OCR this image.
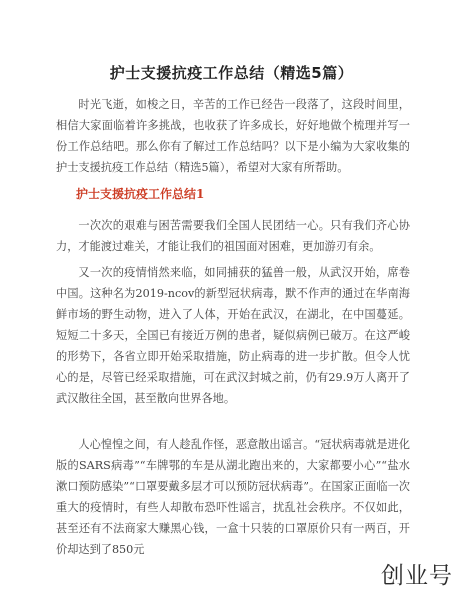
护士支援抗疫工作总结（精选5篇）

时光飞逝，如梭之日，辛苦的工作已经告一段落了，这段时间里，相信大家面临着许多挑战，也收获了许多成长，好好地做个梳理并写一份工作总结吧。那么你有了解过工作总结吗？以下是小编为大家收集的护士支援抗疫工作总结（精选5篇），希望对大家有所帮助。

护士支援抗疫工作总结1

一次次的艰难与困苦需要我们全国人民团结一心。只有我们齐心协力，才能渡过难关，才能让我们的祖国面对困难，更加游刃有余。

又一次的疫情悄然来临，如同捕获的猛兽一般，从武汉开始，席卷中国。这种名为2019-ncov的新型冠状病毒，默不作声的通过在华南海鲜市场的野生动物，进入了人体，开始在武汉，在湖北，在中国蔓延。短短二十多天，全国已有接近万例的患者，疑似病例已破万。在这严峻的形势下，各省立即开始采取措施，防止病毒的进一步扩散。但令人忧心的是，尽管已经采取措施，可在武汉封城之前，仍有29.9万人离开了武汉散往全国，甚至散向世界各地。

人心惶惶之间，有人趁乱作怪，恶意散出谣言。“冠状病毒就是进化版的SARS病毒”“车牌鄂的车是从湖北跑出来的，大家都要小心”“盐水漱口预防感染”“口罩要戴多层才可以预防冠状病毒”。在国家正面临一次重大的疫情时，有些人却散布恐吓性谣言，扰乱社会秩序。不仅如此，甚至还有不法商家大赚黑心钱，一盒十只装的口罩原价只有一两百，开价却达到了850元

创业号
